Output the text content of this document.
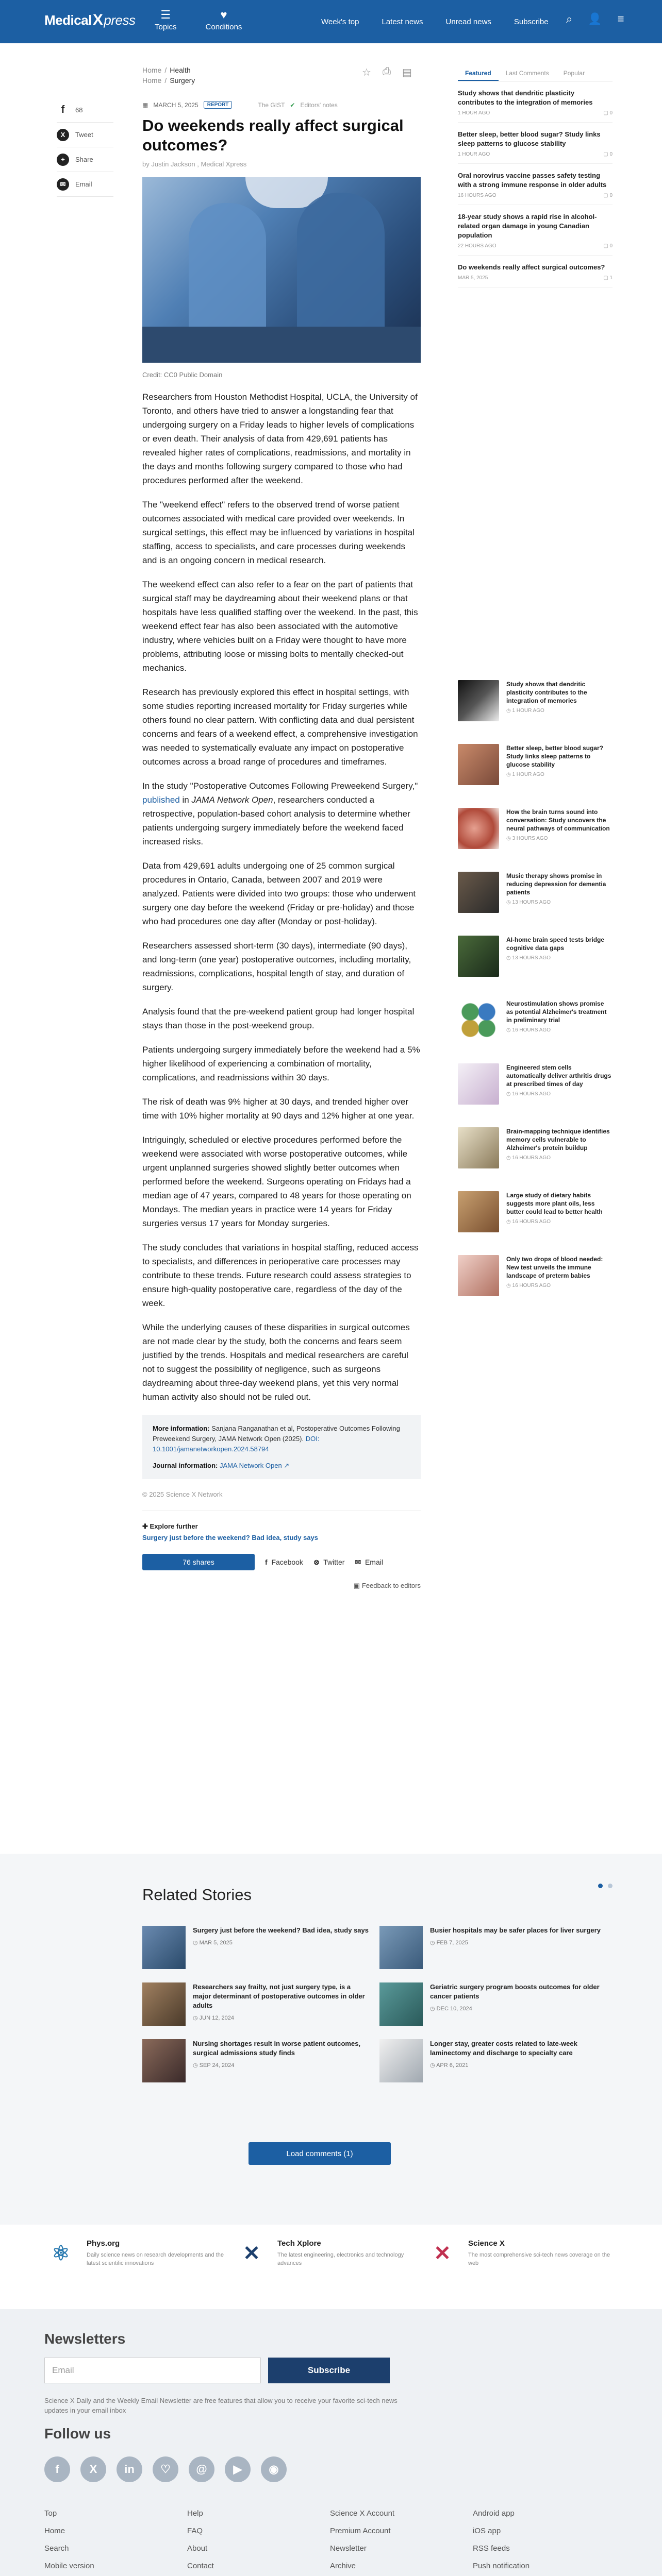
MedicalXpress ☰
Topics
♥
Conditions
Week's top	Latest news	Unread news	Subscribe ⌕ 👤 ≡
f	68
X	Tweet
+	Share
✉	Email
Home / Health
Home / Surgery
☆ ⎙ ▤
▦ MARCH 5, 2025	REPORT	The GIST ✔ Editors' notes
Do weekends really affect surgical outcomes?
by Justin Jackson , Medical Xpress
Credit: CC0 Public Domain

Researchers from Houston Methodist Hospital, UCLA, the University of Toronto, and others have tried to answer a longstanding fear that undergoing surgery on a Friday leads to higher levels of complications or even death. Their analysis of data from 429,691 patients has revealed higher rates of complications, readmissions, and mortality in the days and months following surgery compared to those who had procedures performed after the weekend.

The "weekend effect" refers to the observed trend of worse patient outcomes associated with medical care provided over weekends. In surgical settings, this effect may be influenced by variations in hospital staffing, access to specialists, and care processes during weekends and is an ongoing concern in medical research.

The weekend effect can also refer to a fear on the part of patients that surgical staff may be daydreaming about their weekend plans or that hospitals have less qualified staffing over the weekend. In the past, this weekend effect fear has also been associated with the automotive industry, where vehicles built on a Friday were thought to have more problems, attributing loose or missing bolts to mentally checked-out mechanics.

Research has previously explored this effect in hospital settings, with some studies reporting increased mortality for Friday surgeries while others found no clear pattern. With conflicting data and dual persistent concerns and fears of a weekend effect, a comprehensive investigation was needed to systematically evaluate any impact on postoperative outcomes across a broad range of procedures and timeframes.

In the study "Postoperative Outcomes Following Preweekend Surgery," published in JAMA Network Open, researchers conducted a retrospective, population-based cohort analysis to determine whether patients undergoing surgery immediately before the weekend faced increased risks.

Data from 429,691 adults undergoing one of 25 common surgical procedures in Ontario, Canada, between 2007 and 2019 were analyzed. Patients were divided into two groups: those who underwent surgery one day before the weekend (Friday or pre-holiday) and those who had procedures one day after (Monday or post-holiday).

Researchers assessed short-term (30 days), intermediate (90 days), and long-term (one year) postoperative outcomes, including mortality, readmissions, complications, hospital length of stay, and duration of surgery.

Analysis found that the pre-weekend patient group had longer hospital stays than those in the post-weekend group.

Patients undergoing surgery immediately before the weekend had a 5% higher likelihood of experiencing a combination of mortality, complications, and readmissions within 30 days.

The risk of death was 9% higher at 30 days, and trended higher over time with 10% higher mortality at 90 days and 12% higher at one year.

Intriguingly, scheduled or elective procedures performed before the weekend were associated with worse postoperative outcomes, while urgent unplanned surgeries showed slightly better outcomes when performed before the weekend. Surgeons operating on Fridays had a median age of 47 years, compared to 48 years for those operating on Mondays. The median years in practice were 14 years for Friday surgeries versus 17 years for Monday surgeries.

The study concludes that variations in hospital staffing, reduced access to specialists, and differences in perioperative care processes may contribute to these trends. Future research could assess strategies to ensure high-quality postoperative care, regardless of the day of the week.

While the underlying causes of these disparities in surgical outcomes are not made clear by the study, both the concerns and fears seem justified by the trends. Hospitals and medical researchers are careful not to suggest the possibility of negligence, such as surgeons daydreaming about three-day weekend plans, yet this very normal human activity also should not be ruled out.

More information: Sanjana Ranganathan et al, Postoperative Outcomes Following Preweekend Surgery, JAMA Network Open (2025). DOI: 10.1001/jamanetworkopen.2024.58794
Journal information: JAMA Network Open ↗
© 2025 Science X Network
✚ Explore further
Surgery just before the weekend? Bad idea, study says
76 shares	f Facebook ⊗ Twitter ✉ Email
▣ Feedback to editors
Featured	Last Comments	Popular
Study shows that dendritic plasticity contributes to the integration of memories
1 HOUR AGO	▢ 0
Better sleep, better blood sugar? Study links sleep patterns to glucose stability
1 HOUR AGO	▢ 0
Oral norovirus vaccine passes safety testing with a strong immune response in older adults
16 HOURS AGO	▢ 0
18-year study shows a rapid rise in alcohol-related organ damage in young Canadian population
22 HOURS AGO	▢ 0
Do weekends really affect surgical outcomes?
MAR 5, 2025	▢ 1
Study shows that dendritic plasticity contributes to the integration of memories
◷ 1 HOUR AGO
Better sleep, better blood sugar? Study links sleep patterns to glucose stability
◷ 1 HOUR AGO
How the brain turns sound into conversation: Study uncovers the neural pathways of communication
◷ 3 HOURS AGO
Music therapy shows promise in reducing depression for dementia patients
◷ 13 HOURS AGO
AI-home brain speed tests bridge cognitive data gaps
◷ 13 HOURS AGO
Neurostimulation shows promise as potential Alzheimer's treatment in preliminary trial
◷ 16 HOURS AGO
Engineered stem cells automatically deliver arthritis drugs at prescribed times of day
◷ 16 HOURS AGO
Brain-mapping technique identifies memory cells vulnerable to Alzheimer's protein buildup
◷ 16 HOURS AGO
Large study of dietary habits suggests more plant oils, less butter could lead to better health
◷ 16 HOURS AGO
Only two drops of blood needed: New test unveils the immune landscape of preterm babies
◷ 16 HOURS AGO
Related Stories
Surgery just before the weekend? Bad idea, study says
◷ MAR 5, 2025
Busier hospitals may be safer places for liver surgery
◷ FEB 7, 2025
Researchers say frailty, not just surgery type, is a major determinant of postoperative outcomes in older adults
◷ JUN 12, 2024
Geriatric surgery program boosts outcomes for older cancer patients
◷ DEC 10, 2024
Nursing shortages result in worse patient outcomes, surgical admissions study finds
◷ SEP 24, 2024
Longer stay, greater costs related to late-week laminectomy and discharge to specialty care
◷ APR 6, 2021
Load comments (1)
⚛	Phys.org
Daily science news on research developments and the latest scientific innovations	✕	Tech Xplore
The latest engineering, electronics and technology advances	✕	Science X
The most comprehensive sci-tech news coverage on the web
Newsletters
Email	Subscribe
Science X Daily and the Weekly Email Newsletter are free features that allow you to receive your favorite sci-tech news updates in your email inbox
Follow us
f	X	in	♡	@	▶	◉
Top
Home
Search
Mobile version
Help
FAQ
About
Contact
Science X Account
Premium Account
Newsletter
Archive
Android app
iOS app
RSS feeds
Push notification
